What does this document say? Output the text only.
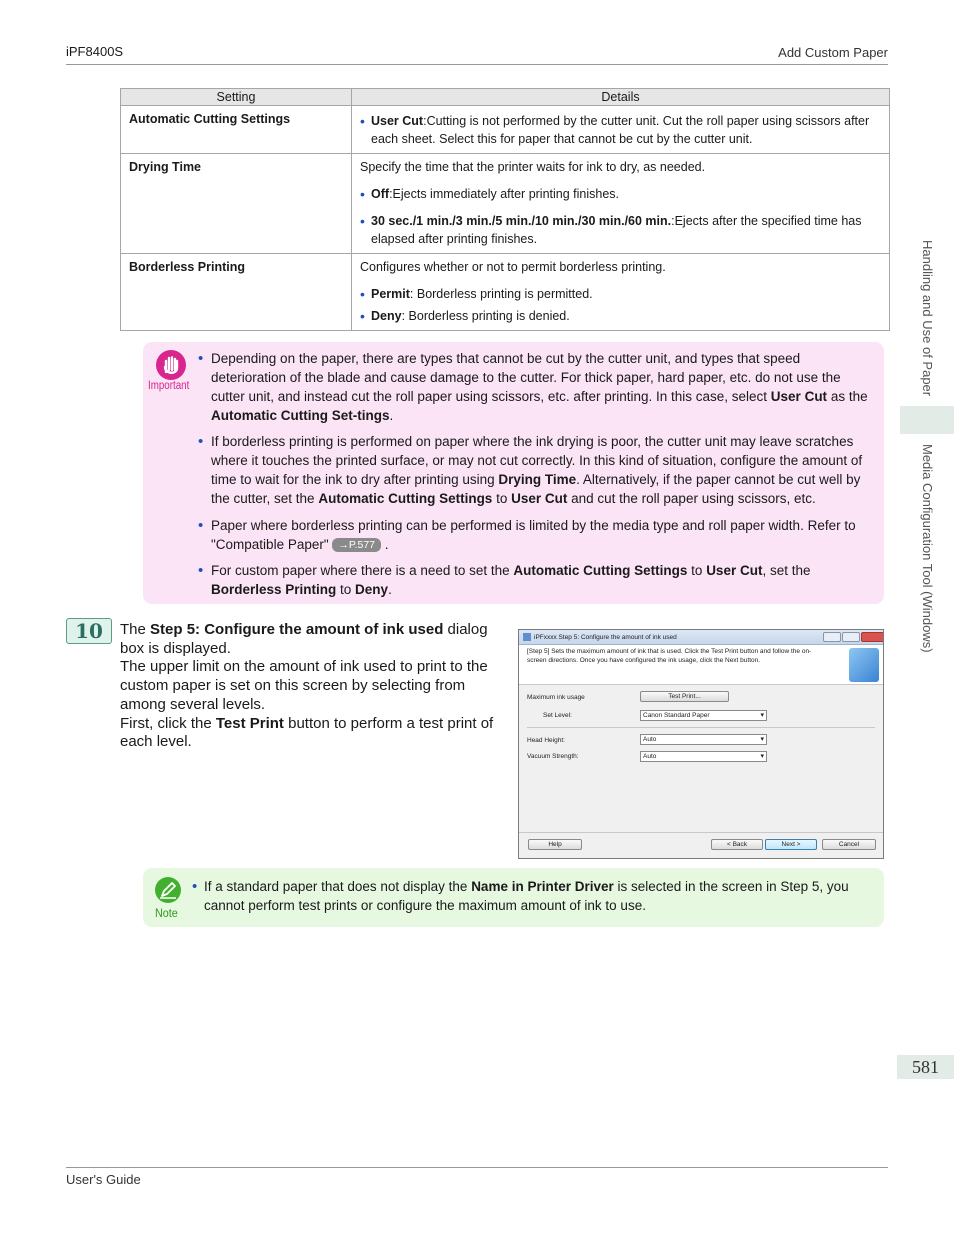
iPF8400S	Add Custom Paper
Setting	Details
Automatic Cutting Settings	• User Cut:Cutting is not performed by the cutter unit. Cut the roll paper using scissors after each sheet. Select this for paper that cannot be cut by the cutter unit.

Drying Time	Specify the time that the printer waits for ink to dry, as needed.
• Off:Ejects immediately after printing finishes.
• 30 sec./1 min./3 min./5 min./10 min./30 min./60 min.:Ejects after the specified time has elapsed after printing finishes.

Borderless Printing	Configures whether or not to permit borderless printing.
• Permit: Borderless printing is permitted.
• Deny: Borderless printing is denied.
Important
• Depending on the paper, there are types that cannot be cut by the cutter unit, and types that speed deterioration of the blade and cause damage to the cutter. For thick paper, hard paper, etc. do not use the cutter unit, and instead cut the roll paper using scissors, etc. after printing. In this case, select User Cut as the Automatic Cutting Set-tings.
• If borderless printing is performed on paper where the ink drying is poor, the cutter unit may leave scratches where it touches the printed surface, or may not cut correctly. In this kind of situation, configure the amount of time to wait for the ink to dry after printing using Drying Time. Alternatively, if the paper cannot be cut well by the cutter, set the Automatic Cutting Settings to User Cut and cut the roll paper using scissors, etc.
• Paper where borderless printing can be performed is limited by the media type and roll paper width. Refer to "Compatible Paper" →P.577 .
• For custom paper where there is a need to set the Automatic Cutting Settings to User Cut, set the Borderless Printing to Deny.
10	The Step 5: Configure the amount of ink used dialog box is displayed.
The upper limit on the amount of ink used to print to the custom paper is set on this screen by selecting from among several levels.
First, click the Test Print button to perform a test print of each level.
iPFxxxx Step 5: Configure the amount of ink used
[Step 5] Sets the maximum amount of ink that is used. Click the Test Print button and follow the on-screen directions. Once you have configured the ink usage, click the Next button.
Maximum ink usage	Test Print...
Set Level:	Canon Standard Paper ▾
Head Height:	Auto ▾
Vacuum Strength:	Auto ▾
Help	< Back	Next >	Cancel
Note
• If a standard paper that does not display the Name in Printer Driver is selected in the screen in Step 5, you cannot perform test prints or configure the maximum amount of ink to use.
Handling and Use of Paper
Media Configuration Tool (Windows)
581
User's Guide
